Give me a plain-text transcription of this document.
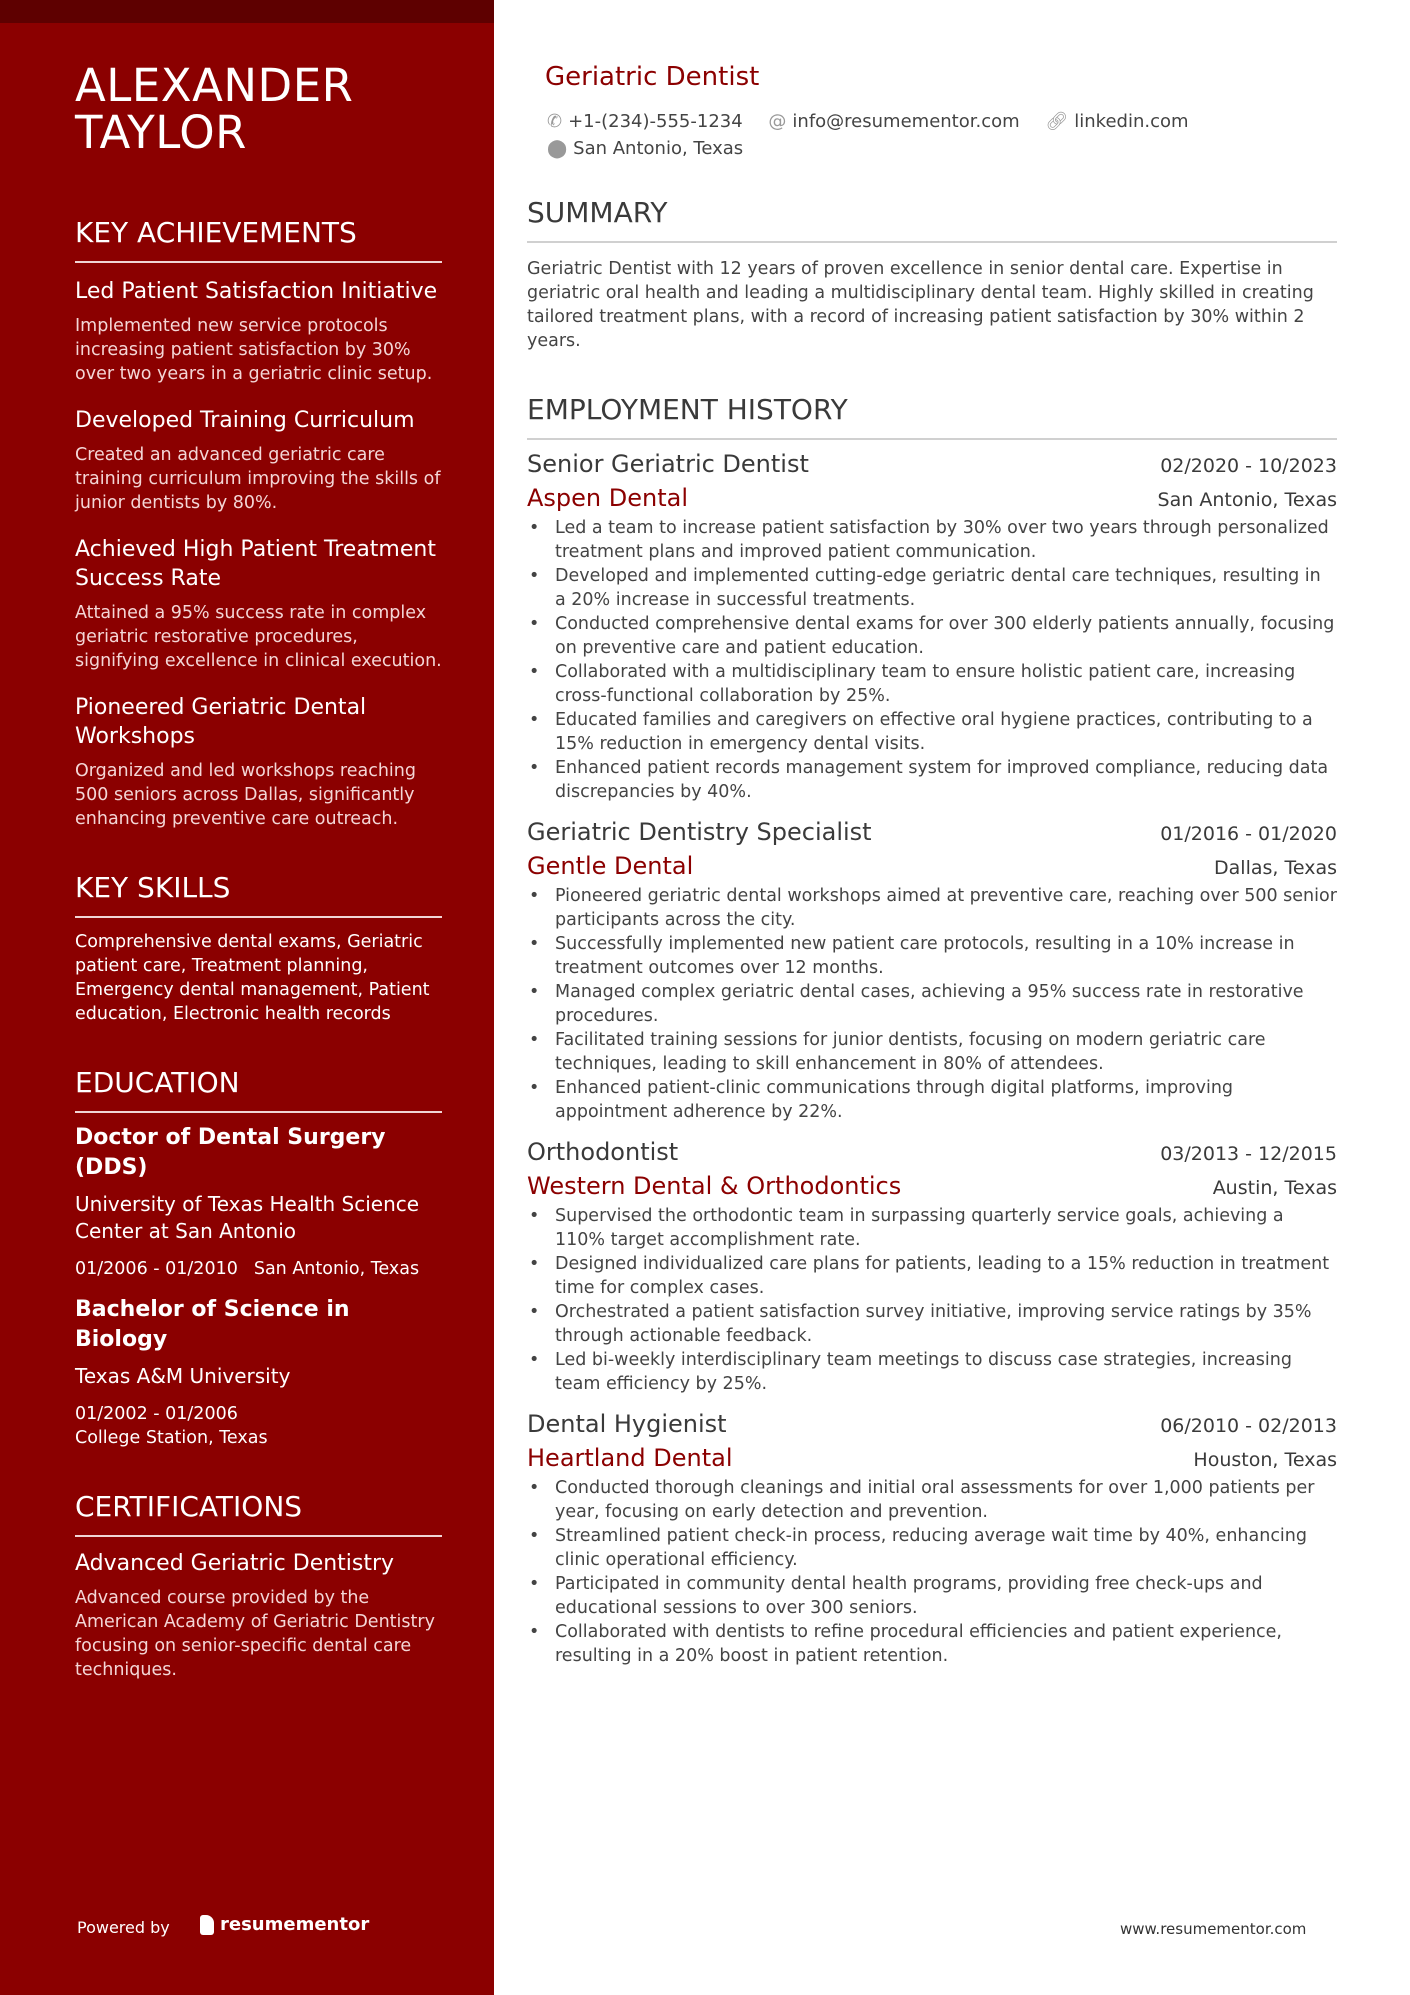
ALEXANDER
TAYLOR
KEY ACHIEVEMENTS

Led Patient Satisfaction Initiative

Implemented new service protocols increasing patient satisfaction by 30% over two years in a geriatric clinic setup.

Developed Training Curriculum

Created an advanced geriatric care training curriculum improving the skills of junior dentists by 80%.

Achieved High Patient Treatment Success Rate

Attained a 95% success rate in complex geriatric restorative procedures, signifying excellence in clinical execution.

Pioneered Geriatric Dental Workshops

Organized and led workshops reaching 500 seniors across Dallas, significantly enhancing preventive care outreach.

KEY SKILLS

Comprehensive dental exams, Geriatric patient care, Treatment planning, Emergency dental management, Patient education, Electronic health records

EDUCATION

Doctor of Dental Surgery (DDS)

University of Texas Health Science Center at San Antonio

01/2006 - 01/2010 San Antonio, Texas

Bachelor of Science in Biology

Texas A&M University

01/2002 - 01/2006
College Station, Texas

CERTIFICATIONS

Advanced Geriatric Dentistry

Advanced course provided by the American Academy of Geriatric Dentistry focusing on senior-specific dental care techniques.

Powered by	resumementor
Geriatric Dentist
✆ +1-(234)-555-1234
@ info@resumementor.com
🔗︎ linkedin.com

⬤ San Antonio, Texas
SUMMARY

Geriatric Dentist with 12 years of proven excellence in senior dental care. Expertise in geriatric oral health and leading a multidisciplinary dental team. Highly skilled in creating tailored treatment plans, with a record of increasing patient satisfaction by 30% within 2 years.

EMPLOYMENT HISTORY
Senior Geriatric Dentist	02/2020 - 10/2023
Aspen Dental	San Antonio, Texas
• Led a team to increase patient satisfaction by 30% over two years through personalized treatment plans and improved patient communication.
• Developed and implemented cutting-edge geriatric dental care techniques, resulting in a 20% increase in successful treatments.
• Conducted comprehensive dental exams for over 300 elderly patients annually, focusing on preventive care and patient education.
• Collaborated with a multidisciplinary team to ensure holistic patient care, increasing cross-functional collaboration by 25%.
• Educated families and caregivers on effective oral hygiene practices, contributing to a 15% reduction in emergency dental visits.
• Enhanced patient records management system for improved compliance, reducing data discrepancies by 40%.
Geriatric Dentistry Specialist	01/2016 - 01/2020
Gentle Dental	Dallas, Texas
• Pioneered geriatric dental workshops aimed at preventive care, reaching over 500 senior participants across the city.
• Successfully implemented new patient care protocols, resulting in a 10% increase in treatment outcomes over 12 months.
• Managed complex geriatric dental cases, achieving a 95% success rate in restorative procedures.
• Facilitated training sessions for junior dentists, focusing on modern geriatric care techniques, leading to skill enhancement in 80% of attendees.
• Enhanced patient-clinic communications through digital platforms, improving appointment adherence by 22%.
Orthodontist	03/2013 - 12/2015
Western Dental & Orthodontics	Austin, Texas
• Supervised the orthodontic team in surpassing quarterly service goals, achieving a 110% target accomplishment rate.
• Designed individualized care plans for patients, leading to a 15% reduction in treatment time for complex cases.
• Orchestrated a patient satisfaction survey initiative, improving service ratings by 35% through actionable feedback.
• Led bi-weekly interdisciplinary team meetings to discuss case strategies, increasing team efficiency by 25%.
Dental Hygienist	06/2010 - 02/2013
Heartland Dental	Houston, Texas
• Conducted thorough cleanings and initial oral assessments for over 1,000 patients per year, focusing on early detection and prevention.
• Streamlined patient check-in process, reducing average wait time by 40%, enhancing clinic operational efficiency.
• Participated in community dental health programs, providing free check-ups and educational sessions to over 300 seniors.
• Collaborated with dentists to refine procedural efficiencies and patient experience, resulting in a 20% boost in patient retention.
www.resumementor.com
